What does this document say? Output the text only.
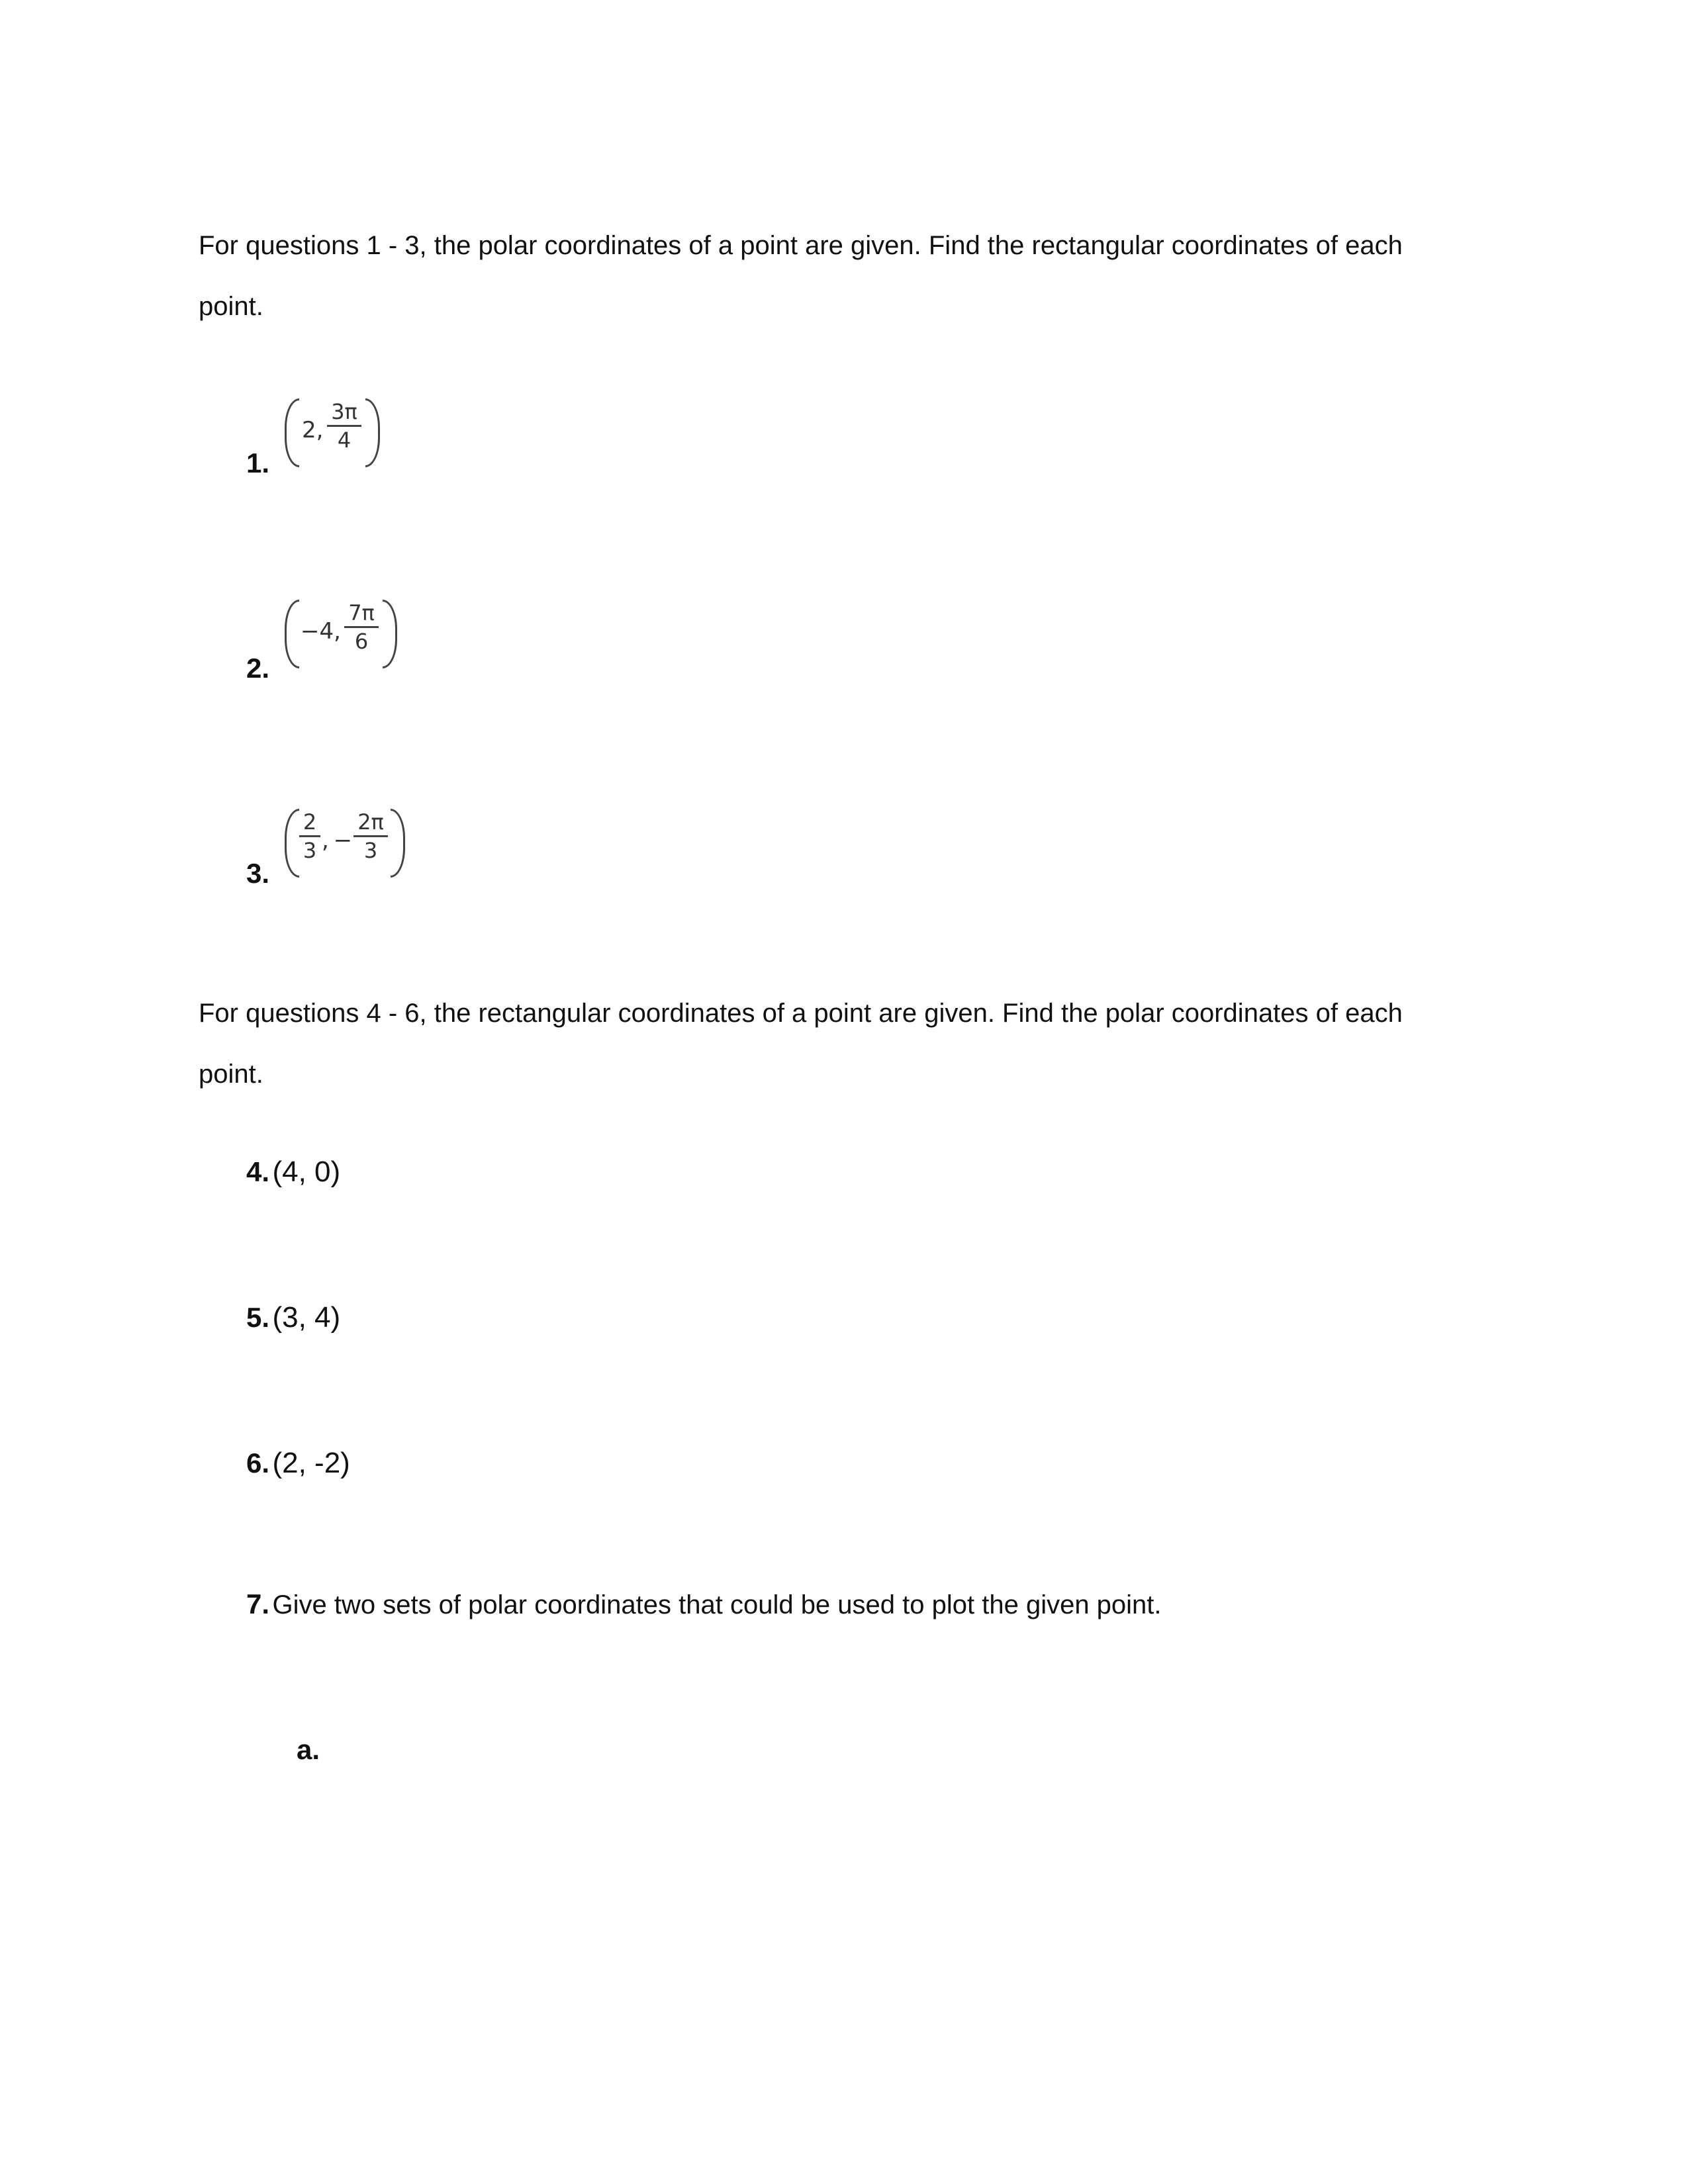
For questions 1 - 3, the polar coordinates of a point are given. Find the rectangular coordinates of each
point.
1.
2,
3π
4
2.
−4,
7π
6
3.
2
3 , −
2π
3
For questions 4 - 6, the rectangular coordinates of a point are given. Find the polar coordinates of each
point.
4. (4, 0)
5. (3, 4)
6. (2, -2)
7. Give two sets of polar coordinates that could be used to plot the given point.
a.
